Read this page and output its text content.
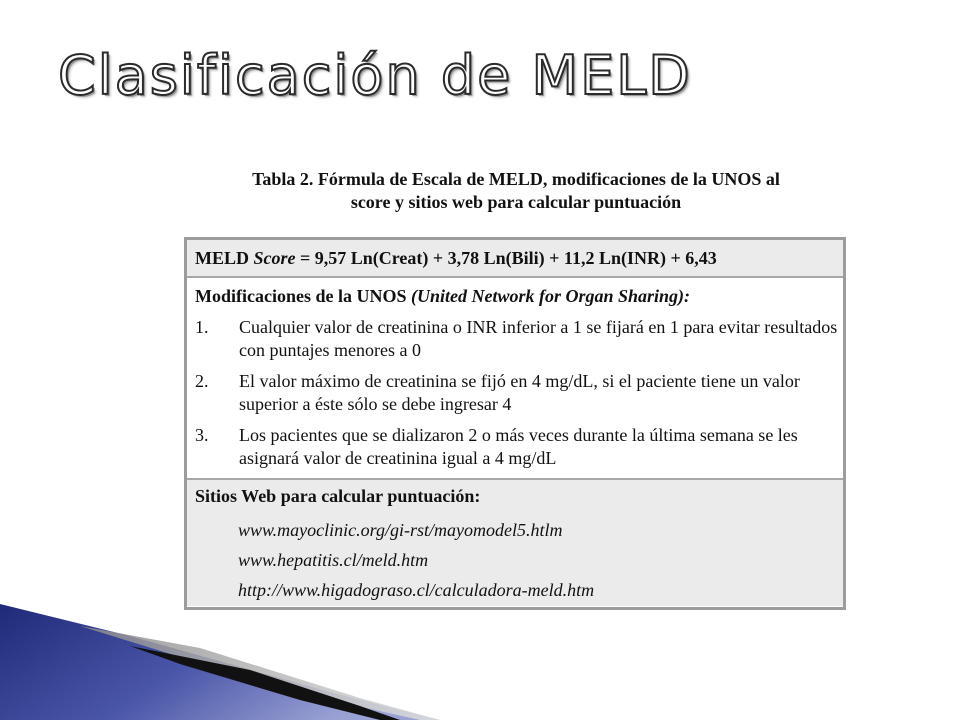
Clasificación de MELD
Tabla 2. Fórmula de Escala de MELD, modificaciones de la UNOS al
score y sitios web para calcular puntuación
MELD Score = 9,57 Ln(Creat) + 3,78 Ln(Bili) + 11,2 Ln(INR) + 6,43
Modificaciones de la UNOS (United Network for Organ Sharing):
1.	Cualquier valor de creatinina o INR inferior a 1 se fijará en 1 para evitar resultados con puntajes menores a 0
2.	El valor máximo de creatinina se fijó en 4 mg/dL, si el paciente tiene un valor superior a éste sólo se debe ingresar 4
3.	Los pacientes que se dializaron 2 o más veces durante la última semana se les asignará valor de creatinina igual a 4 mg/dL
Sitios Web para calcular puntuación:
www.mayoclinic.org/gi-rst/mayomodel5.htlm
www.hepatitis.cl/meld.htm
http://www.higadograso.cl/calculadora-meld.htm
